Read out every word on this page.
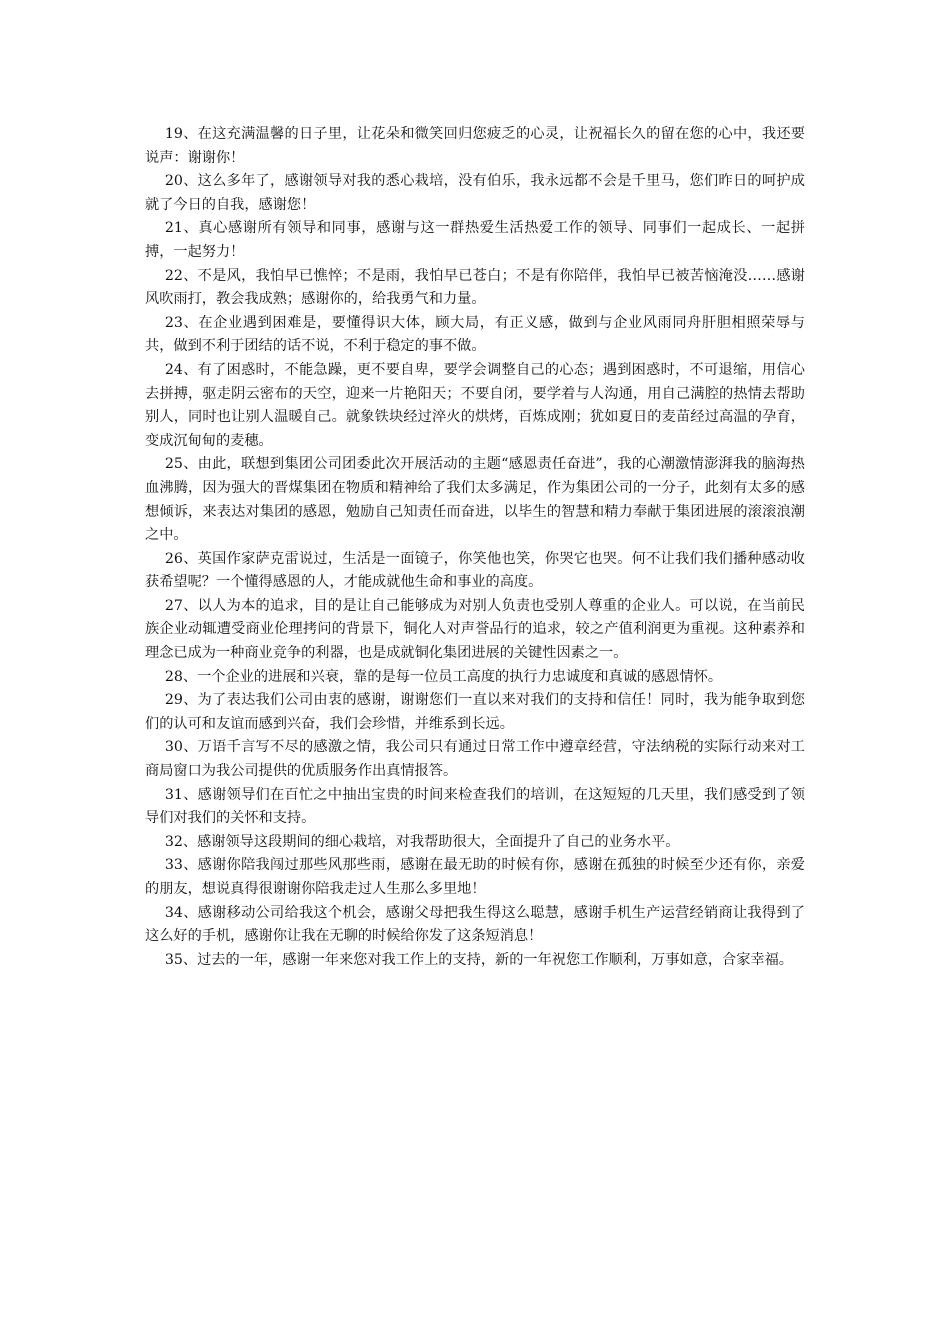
19、在这充满温馨的日子里，让花朵和微笑回归您疲乏的心灵，让祝福长久的留在您的心中，我还要说声：谢谢你！

20、这么多年了，感谢领导对我的悉心栽培，没有伯乐，我永远都不会是千里马，您们昨日的呵护成就了今日的自我，感谢您！

21、真心感谢所有领导和同事，感谢与这一群热爱生活热爱工作的领导、同事们一起成长、一起拼搏，一起努力！

22、不是风，我怕早已憔悴；不是雨，我怕早已苍白；不是有你陪伴，我怕早已被苦恼淹没……感谢风吹雨打，教会我成熟；感谢你的，给我勇气和力量。

23、在企业遇到困难是，要懂得识大体，顾大局，有正义感，做到与企业风雨同舟肝胆相照荣辱与共，做到不利于团结的话不说，不利于稳定的事不做。

24、有了困惑时，不能急躁，更不要自卑，要学会调整自己的心态；遇到困惑时，不可退缩，用信心去拼搏，驱走阴云密布的天空，迎来一片艳阳天；不要自闭，要学着与人沟通，用自己满腔的热情去帮助别人，同时也让别人温暖自己。就象铁块经过淬火的烘烤，百炼成刚；犹如夏日的麦苗经过高温的孕育，变成沉甸甸的麦穗。

25、由此，联想到集团公司团委此次开展活动的主题“感恩责任奋进”，我的心潮激情澎湃我的脑海热血沸腾，因为强大的晋煤集团在物质和精神给了我们太多满足，作为集团公司的一分子，此刻有太多的感想倾诉，来表达对集团的感恩，勉励自己知责任而奋进，以毕生的智慧和精力奉献于集团进展的滚滚浪潮之中。

26、英国作家萨克雷说过，生活是一面镜子，你笑他也笑，你哭它也哭。何不让我们我们播种感动收获希望呢？一个懂得感恩的人，才能成就他生命和事业的高度。

27、以人为本的追求，目的是让自己能够成为对别人负责也受别人尊重的企业人。可以说，在当前民族企业动辄遭受商业伦理拷问的背景下，铜化人对声誉品行的追求，较之产值利润更为重视。这种素养和理念已成为一种商业竞争的利器，也是成就铜化集团进展的关键性因素之一。

28、一个企业的进展和兴衰，靠的是每一位员工高度的执行力忠诚度和真诚的感恩情怀。

29、为了表达我们公司由衷的感谢，谢谢您们一直以来对我们的支持和信任！同时，我为能争取到您们的认可和友谊而感到兴奋，我们会珍惜，并维系到长远。

30、万语千言写不尽的感激之情，我公司只有通过日常工作中遵章经营，守法纳税的实际行动来对工商局窗口为我公司提供的优质服务作出真情报答。

31、感谢领导们在百忙之中抽出宝贵的时间来检查我们的培训，在这短短的几天里，我们感受到了领导们对我们的关怀和支持。

32、感谢领导这段期间的细心栽培，对我帮助很大，全面提升了自己的业务水平。

33、感谢你陪我闯过那些风那些雨，感谢在最无助的时候有你，感谢在孤独的时候至少还有你，亲爱的朋友，想说真得很谢谢你陪我走过人生那么多里地！

34、感谢移动公司给我这个机会，感谢父母把我生得这么聪慧，感谢手机生产运营经销商让我得到了这么好的手机，感谢你让我在无聊的时候给你发了这条短消息！

35、过去的一年，感谢一年来您对我工作上的支持，新的一年祝您工作顺利，万事如意，合家幸福。
